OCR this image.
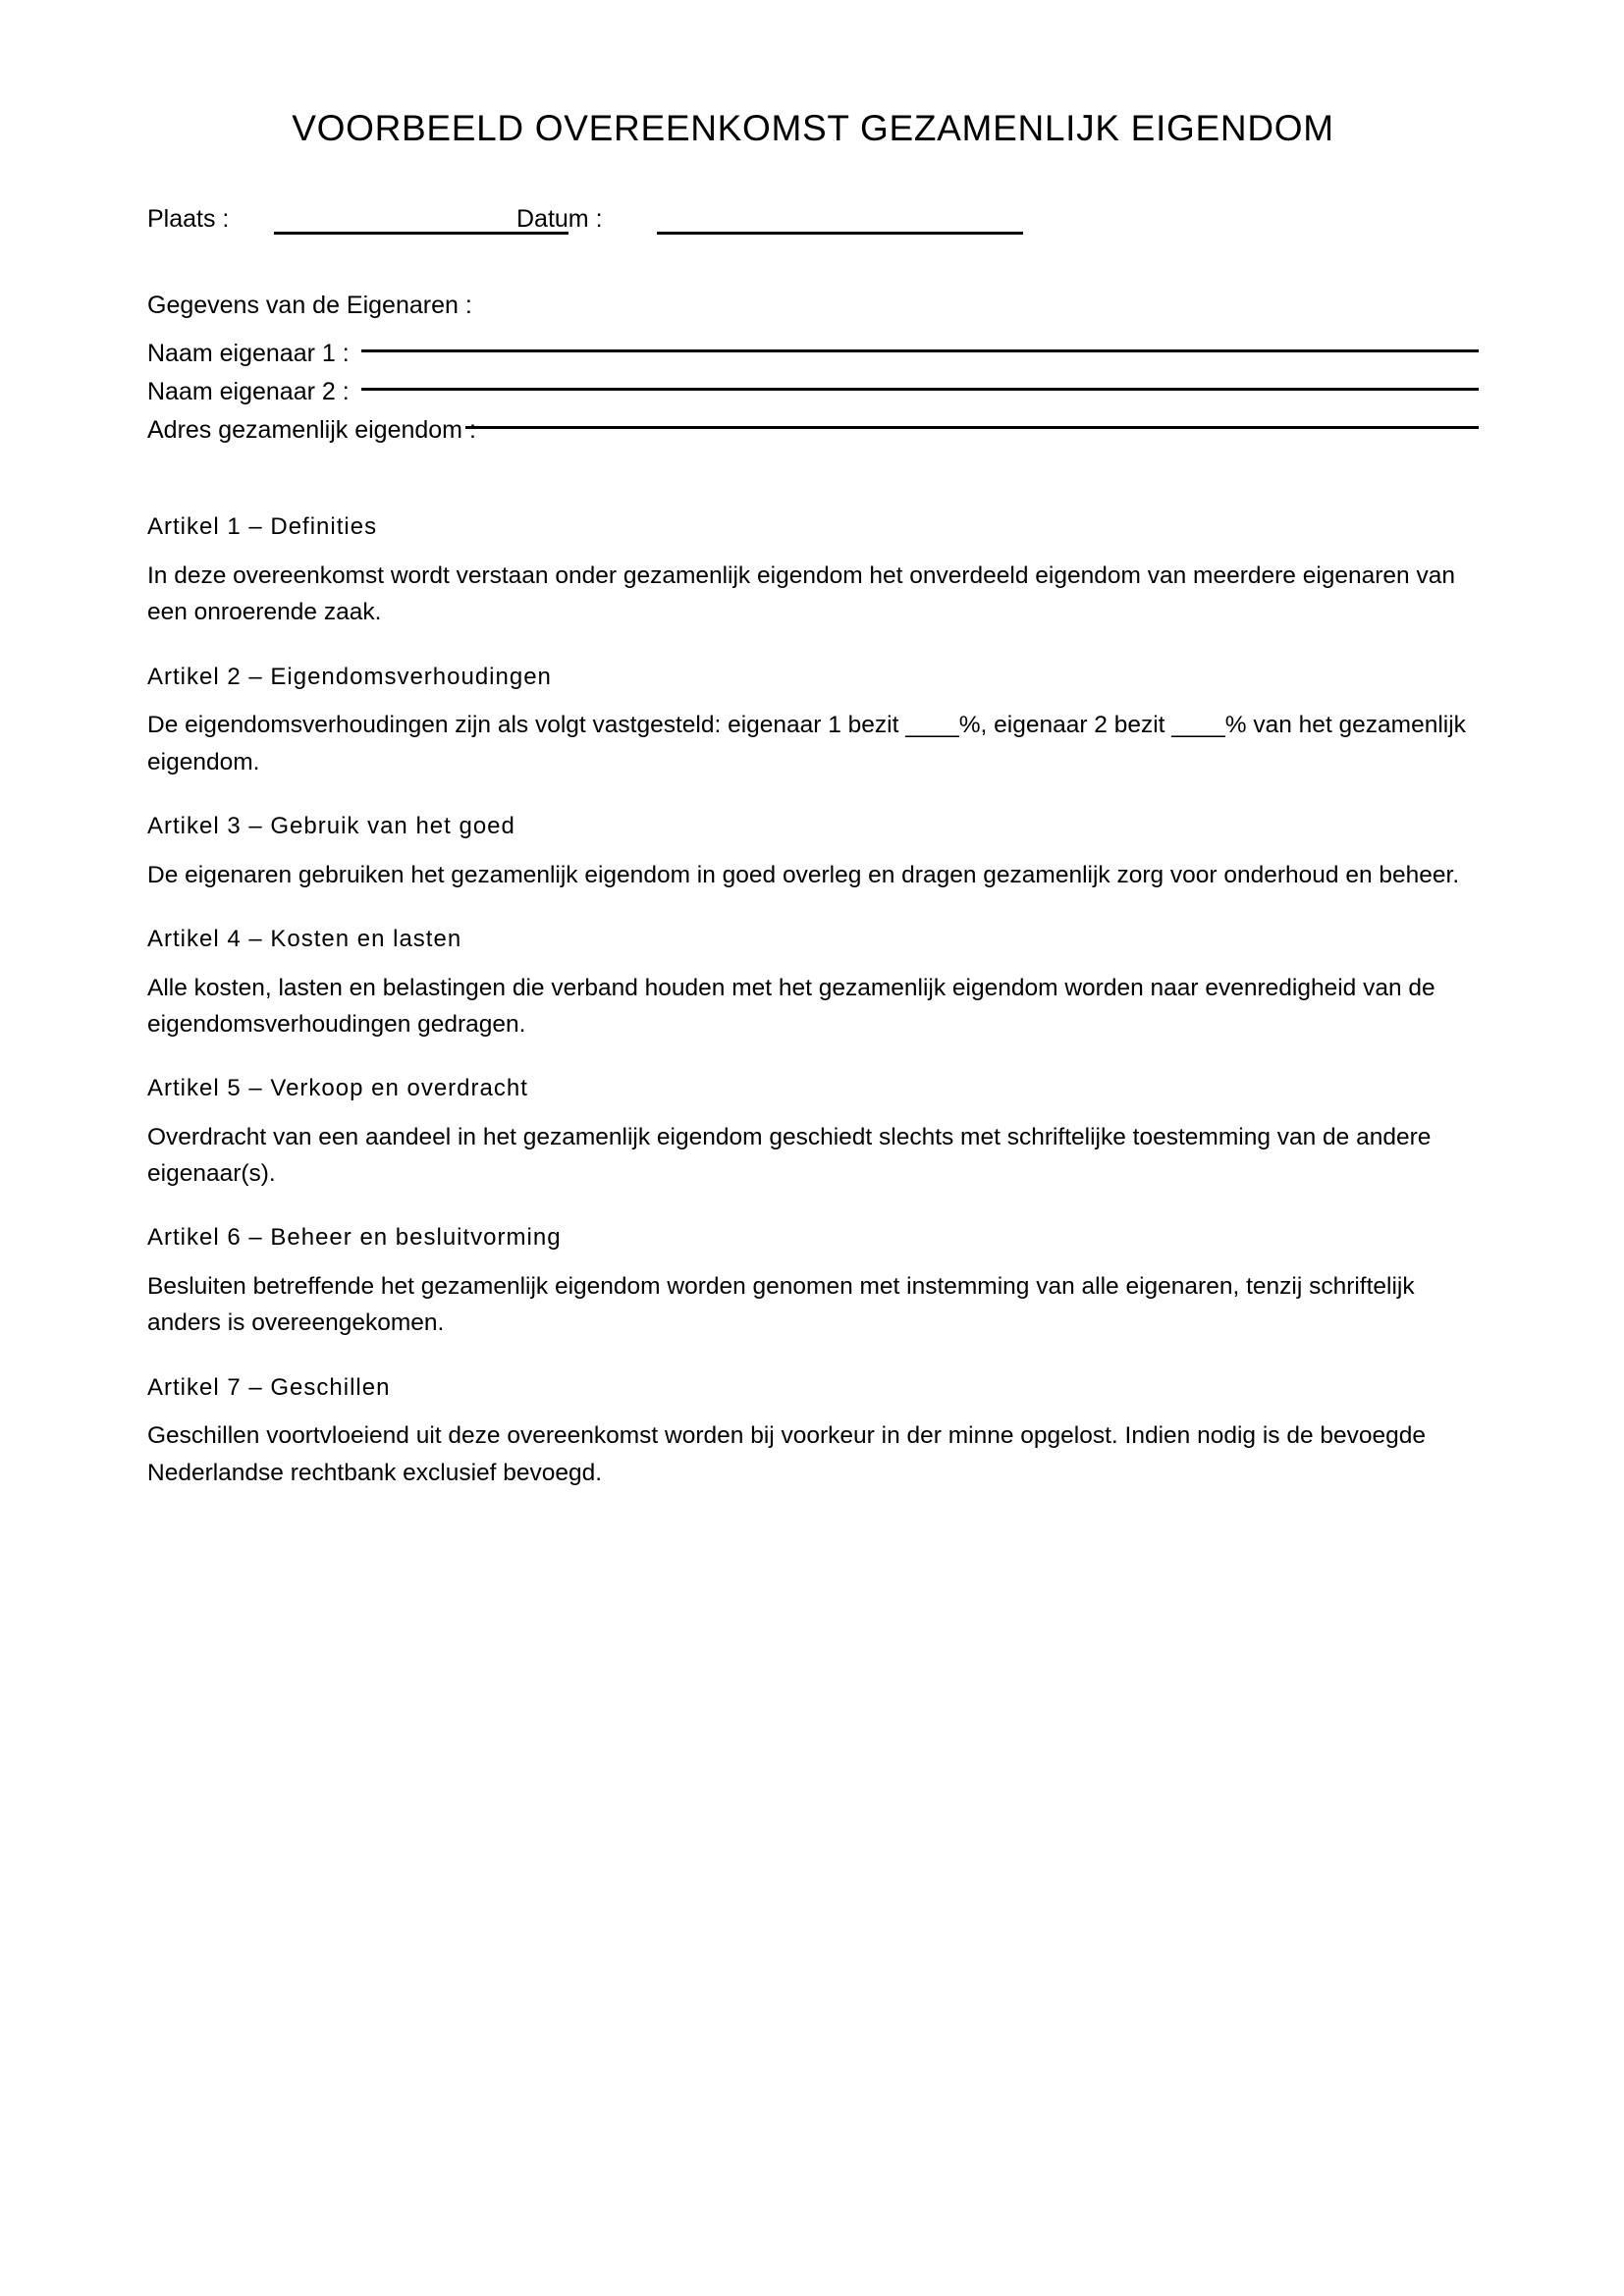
VOORBEELD OVEREENKOMST GEZAMENLIJK EIGENDOM
Plaats :	Datum :
Gegevens van de Eigenaren :
Naam eigenaar 1 :
Naam eigenaar 2 :
Adres gezamenlijk eigendom :
Artikel 1 – Definities

In deze overeenkomst wordt verstaan onder gezamenlijk eigendom het onverdeeld eigendom van meerdere eigenaren van een onroerende zaak.

Artikel 2 – Eigendomsverhoudingen

De eigendomsverhoudingen zijn als volgt vastgesteld: eigenaar 1 bezit ____%, eigenaar 2 bezit ____% van het gezamenlijk eigendom.

Artikel 3 – Gebruik van het goed

De eigenaren gebruiken het gezamenlijk eigendom in goed overleg en dragen gezamenlijk zorg voor onderhoud en beheer.

Artikel 4 – Kosten en lasten

Alle kosten, lasten en belastingen die verband houden met het gezamenlijk eigendom worden naar evenredigheid van de eigendomsverhoudingen gedragen.

Artikel 5 – Verkoop en overdracht

Overdracht van een aandeel in het gezamenlijk eigendom geschiedt slechts met schriftelijke toestemming van de andere eigenaar(s).

Artikel 6 – Beheer en besluitvorming

Besluiten betreffende het gezamenlijk eigendom worden genomen met instemming van alle eigenaren, tenzij schriftelijk anders is overeengekomen.

Artikel 7 – Geschillen

Geschillen voortvloeiend uit deze overeenkomst worden bij voorkeur in der minne opgelost. Indien nodig is de bevoegde Nederlandse rechtbank exclusief bevoegd.
